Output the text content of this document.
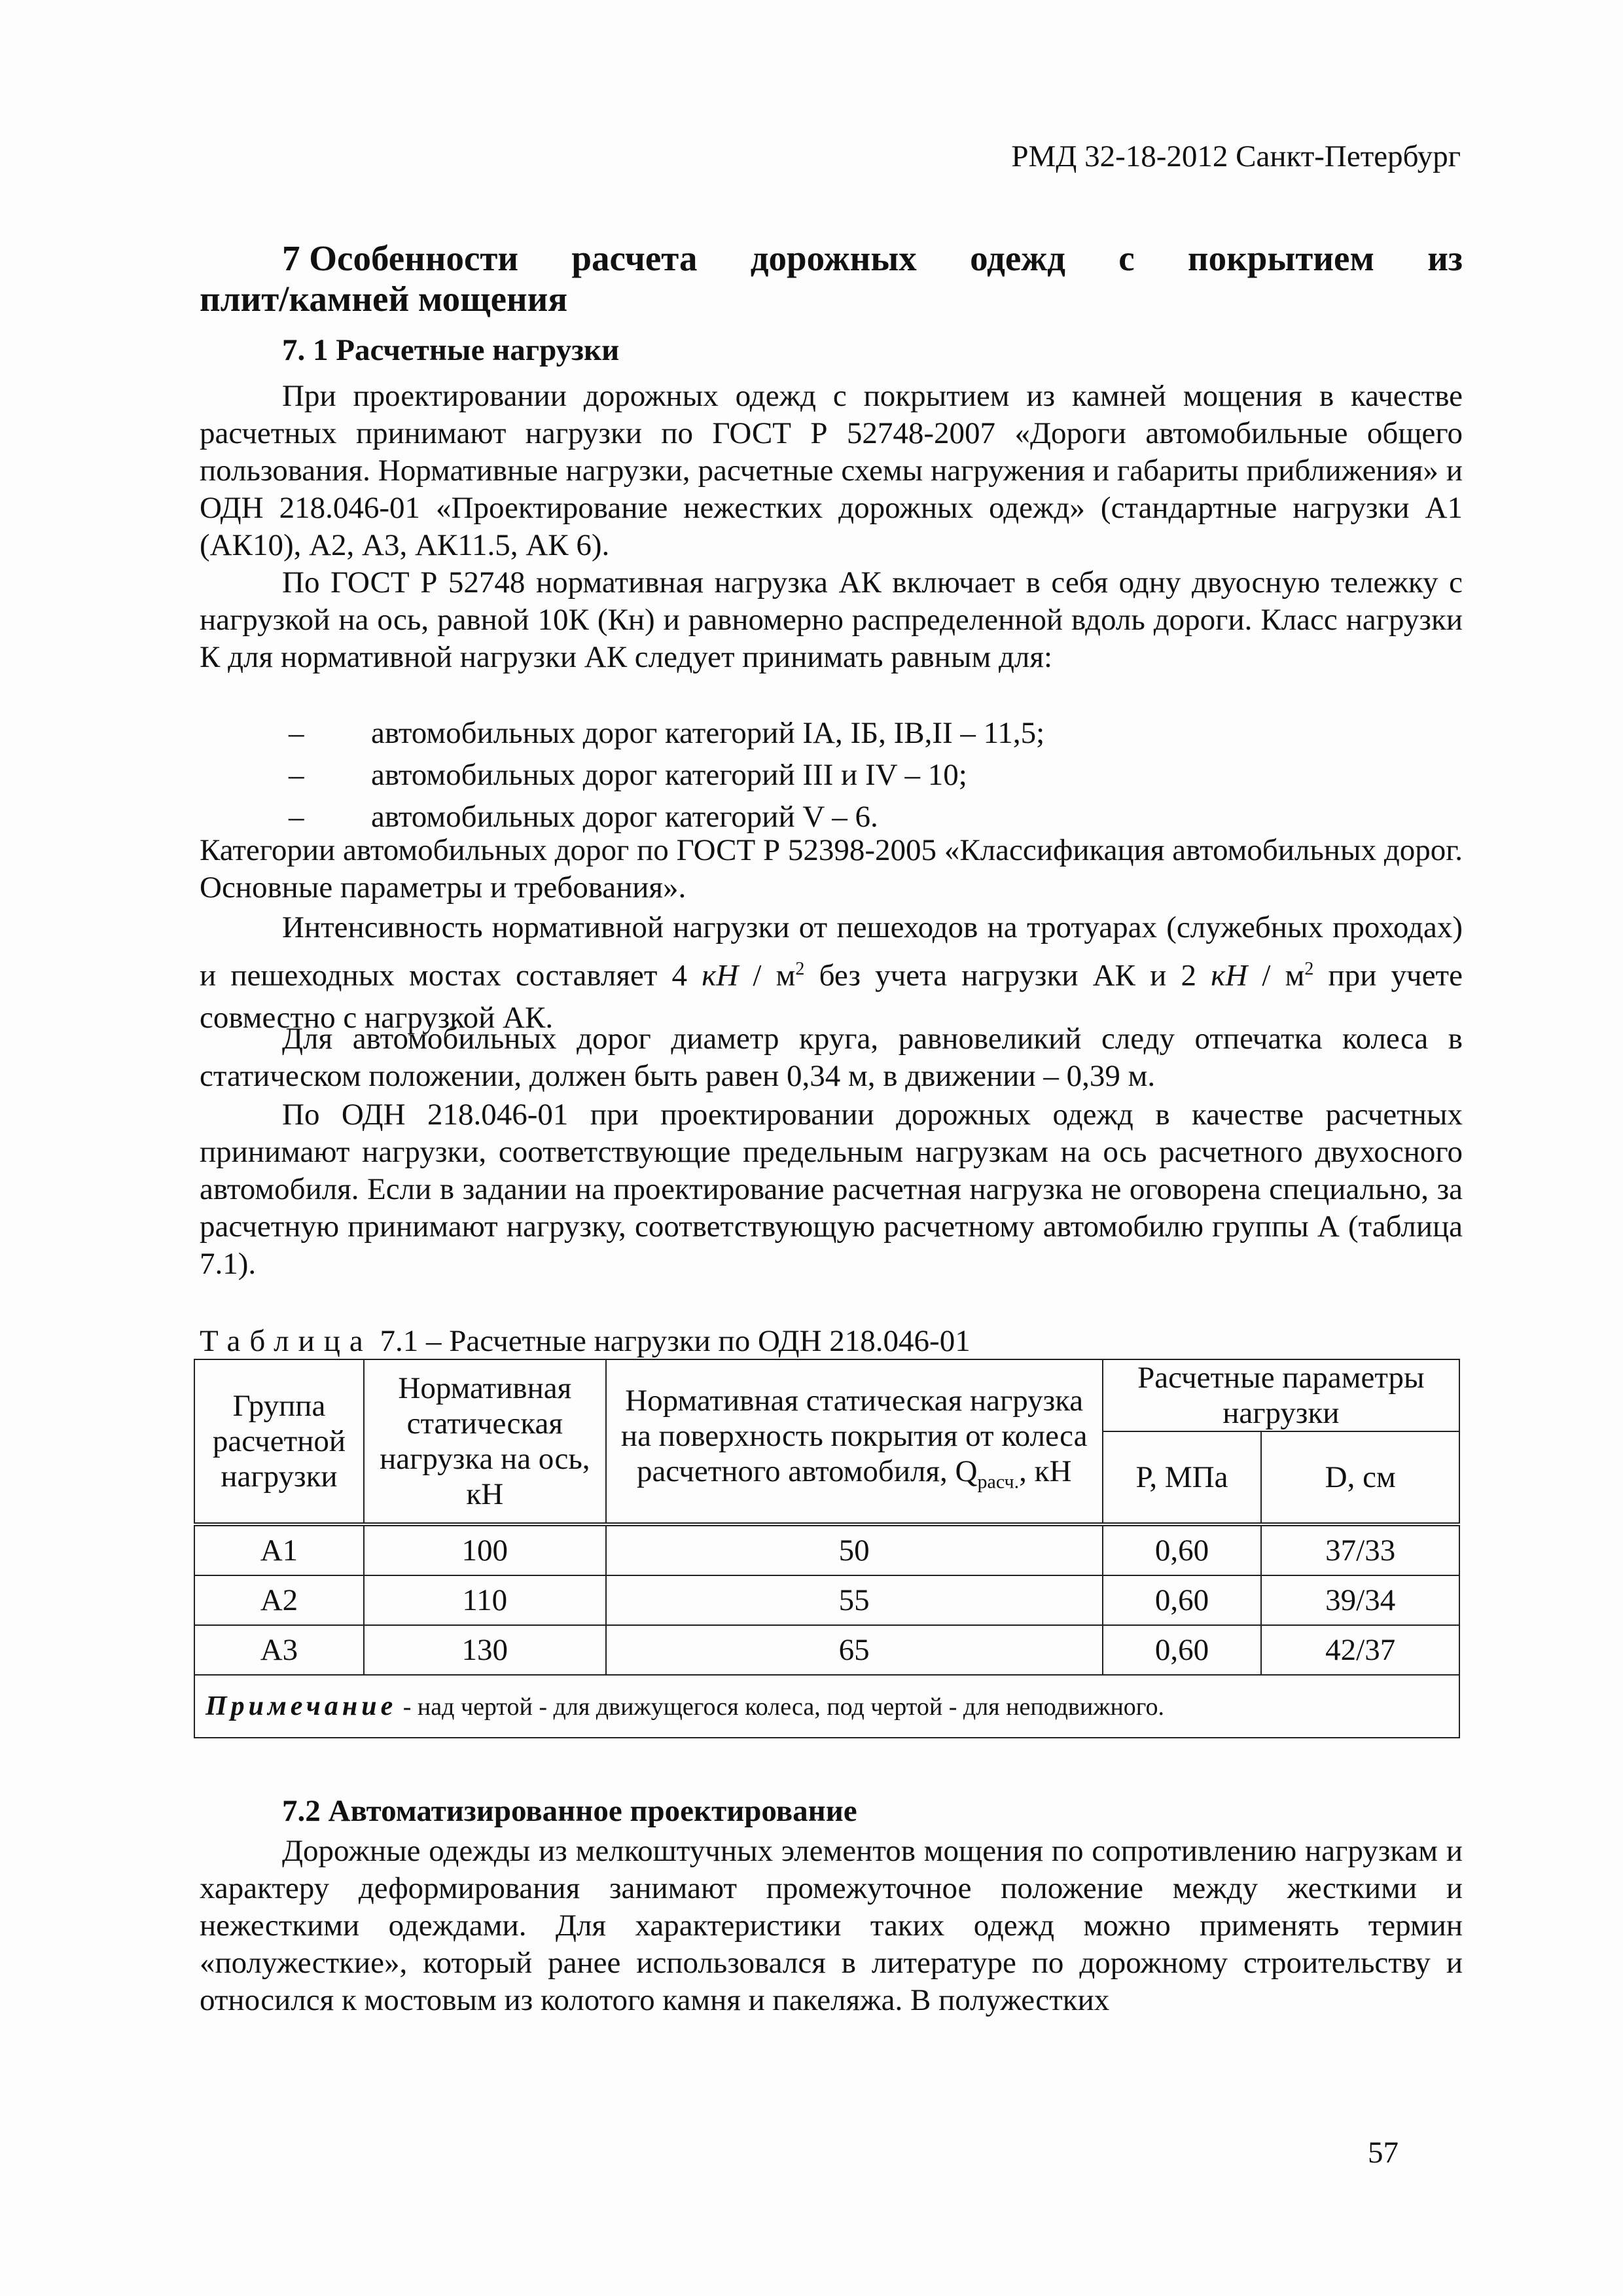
РМД 32-18-2012 Санкт-Петербург
7 Особенности расчета дорожных одежд с покрытием из
плит/камней мощения
7. 1 Расчетные нагрузки

При проектировании дорожных одежд с покрытием из камней мощения в качестве расчетных принимают нагрузки по ГОСТ Р 52748-2007 «Дороги автомобильные общего пользования. Нормативные нагрузки, расчетные схемы нагружения и габариты приближения» и ОДН 218.046-01 «Проектирование нежестких дорожных одежд» (стандартные нагрузки А1 (АК10), А2, А3, АК11.5, АК 6).

По ГОСТ Р 52748 нормативная нагрузка АК включает в себя одну двуосную тележку с нагрузкой на ось, равной 10К (Кн) и равномерно распределенной вдоль дороги. Класс нагрузки К для нормативной нагрузки АК следует принимать равным для:

– автомобильных дорог категорий IА, IБ, IВ,II – 11,5;
– автомобильных дорог категорий III и IV – 10;
– автомобильных дорог категорий V – 6.

Категории автомобильных дорог по ГОСТ Р 52398-2005 «Классификация автомобильных дорог. Основные параметры и требования».

Интенсивность нормативной нагрузки от пешеходов на тротуарах (служебных проходах) и пешеходных мостах составляет 4 кН / $м^2$ без учета нагрузки АК и 2 кН / $м^2$ при учете совместно с нагрузкой АК.

Для автомобильных дорог диаметр круга, равновеликий следу отпечатка колеса в статическом положении, должен быть равен 0,34 м, в движении – 0,39 м.

По ОДН 218.046-01 при проектировании дорожных одежд в качестве расчетных принимают нагрузки, соответствующие предельным нагрузкам на ось расчетного двухосного автомобиля. Если в задании на проектирование расчетная нагрузка не оговорена специально, за расчетную принимают нагрузку, соответствующую расчетному автомобилю группы А (таблица 7.1).

Таблица 7.1 – Расчетные нагрузки по ОДН 218.046-01
Группа расчетной нагрузки	Нормативная статическая нагрузка на ось, кН	Нормативная статическая нагрузка на поверхность покрытия от колеса расчетного автомобиля, $Q_{расч.}$, кН	Расчетные параметры нагрузки	
			P, МПа	D, см
А1	100	50	0,60	37/33
А2	110	55	0,60	39/34
А3	130	65	0,60	42/37
Примечание - над чертой - для движущегося колеса, под чертой - для неподвижного.				
7.2 Автоматизированное проектирование

Дорожные одежды из мелкоштучных элементов мощения по сопротивлению нагрузкам и характеру деформирования занимают промежуточное положение между жесткими и нежесткими одеждами. Для характеристики таких одежд можно применять термин «полужесткие», который ранее использовался в литературе по дорожному строительству и относился к мостовым из колотого камня и пакеляжа. В полужестких

57
